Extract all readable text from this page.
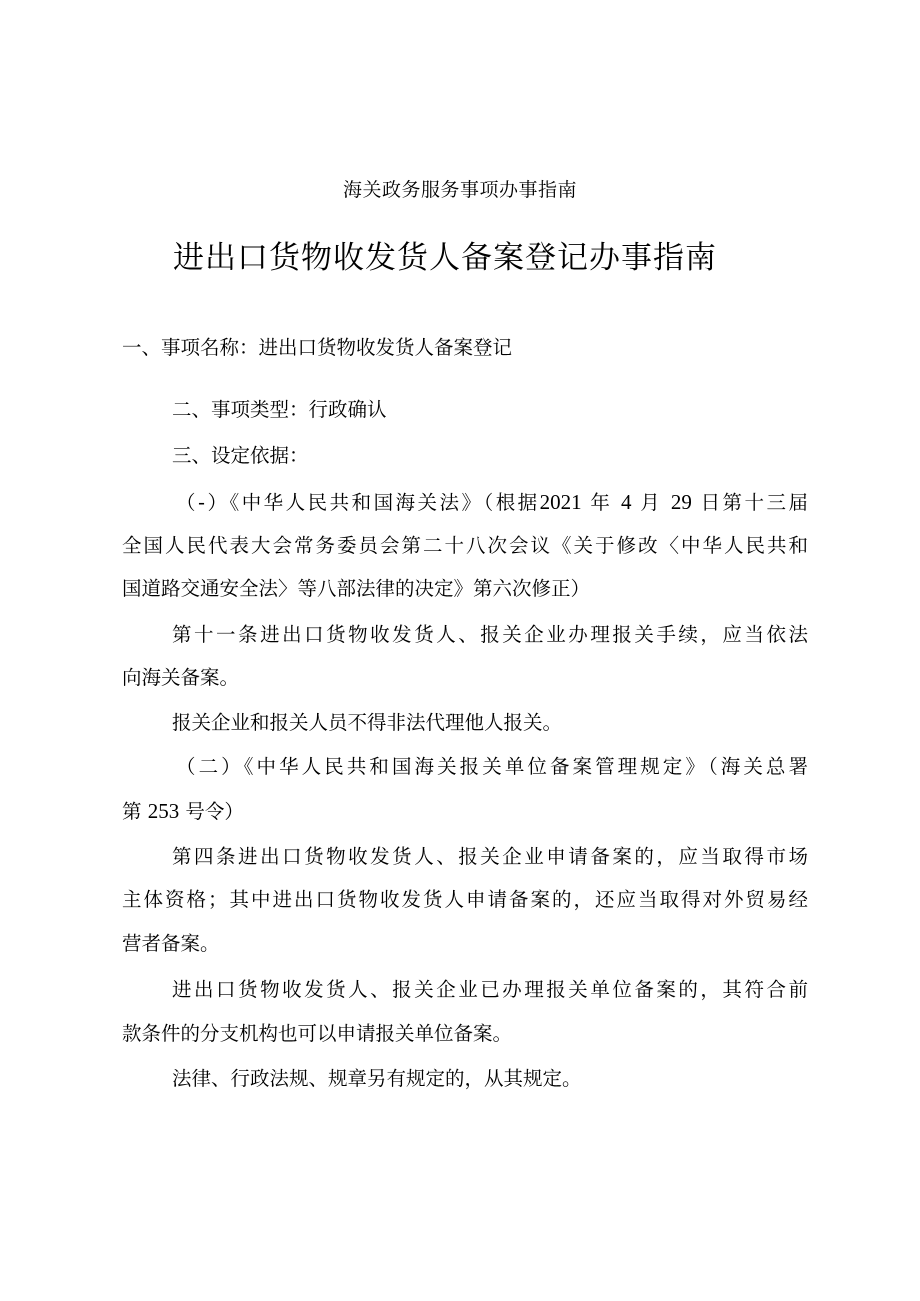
海关政务服务事项办事指南
进出口货物收发货人备案登记办事指南
一、事项名称：进出口货物收发货人备案登记
二、事项类型：行政确认
三、设定依据：
（-）《中华人民共和国海关法》（根据2021 年 4 月 29 日第十三届
全国人民代表大会常务委员会第二十八次会议《关于修改〈中华人民共和
国道路交通安全法〉等八部法律的决定》第六次修正）
第十一条进出口货物收发货人、报关企业办理报关手续，应当依法
向海关备案。
报关企业和报关人员不得非法代理他人报关。
（二）《中华人民共和国海关报关单位备案管理规定》（海关总署
第 253 号令）
第四条进出口货物收发货人、报关企业申请备案的，应当取得市场
主体资格；其中进出口货物收发货人申请备案的，还应当取得对外贸易经
营者备案。
进出口货物收发货人、报关企业已办理报关单位备案的，其符合前
款条件的分支机构也可以申请报关单位备案。
法律、行政法规、规章另有规定的，从其规定。
